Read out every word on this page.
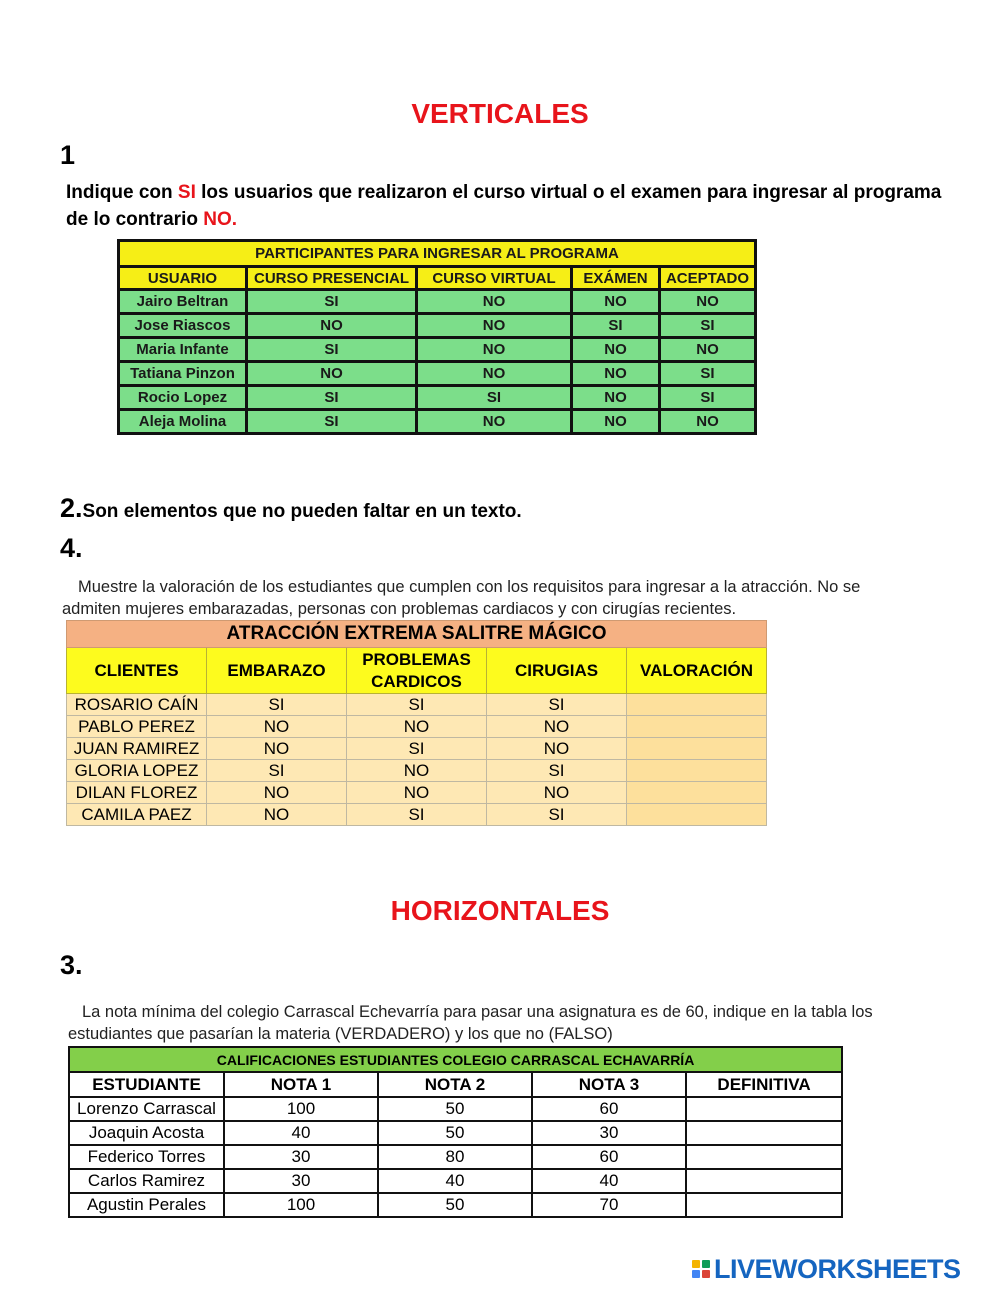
VERTICALES
1
Indique con SI los usuarios que realizaron el curso virtual o el examen para ingresar al programa de lo contrario NO.
PARTICIPANTES PARA INGRESAR AL PROGRAMA				
USUARIO	CURSO PRESENCIAL	CURSO VIRTUAL	EXÁMEN	ACEPTADO
Jairo Beltran	SI	NO	NO	NO
Jose Riascos	NO	NO	SI	SI
Maria Infante	SI	NO	NO	NO
Tatiana Pinzon	NO	NO	NO	SI
Rocio Lopez	SI	SI	NO	SI
Aleja Molina	SI	NO	NO	NO
2. Son elementos que no pueden faltar en un texto.
4.
Muestre la valoración de los estudiantes que cumplen con los requisitos para ingresar a la atracción. No se admiten mujeres embarazadas, personas con problemas cardiacos y con cirugías recientes.
ATRACCIÓN EXTREMA SALITRE MÁGICO				
CLIENTES	EMBARAZO	PROBLEMAS CARDICOS	CIRUGIAS	VALORACIÓN
ROSARIO CAÍN	SI	SI	SI	
PABLO PEREZ	NO	NO	NO	
JUAN RAMIREZ	NO	SI	NO	
GLORIA LOPEZ	SI	NO	SI	
DILAN FLOREZ	NO	NO	NO	
CAMILA PAEZ	NO	SI	SI	
HORIZONTALES
3.
La nota mínima del colegio Carrascal Echevarría para pasar una asignatura es de 60, indique en la tabla los estudiantes que pasarían la materia (VERDADERO) y los que no (FALSO)
CALIFICACIONES ESTUDIANTES COLEGIO CARRASCAL ECHAVARRÍA				
ESTUDIANTE	NOTA 1	NOTA 2	NOTA 3	DEFINITIVA
Lorenzo Carrascal	100	50	60	
Joaquin Acosta	40	50	30	
Federico Torres	30	80	60	
Carlos Ramirez	30	40	40	
Agustin Perales	100	50	70	
LIVEWORKSHEETS
